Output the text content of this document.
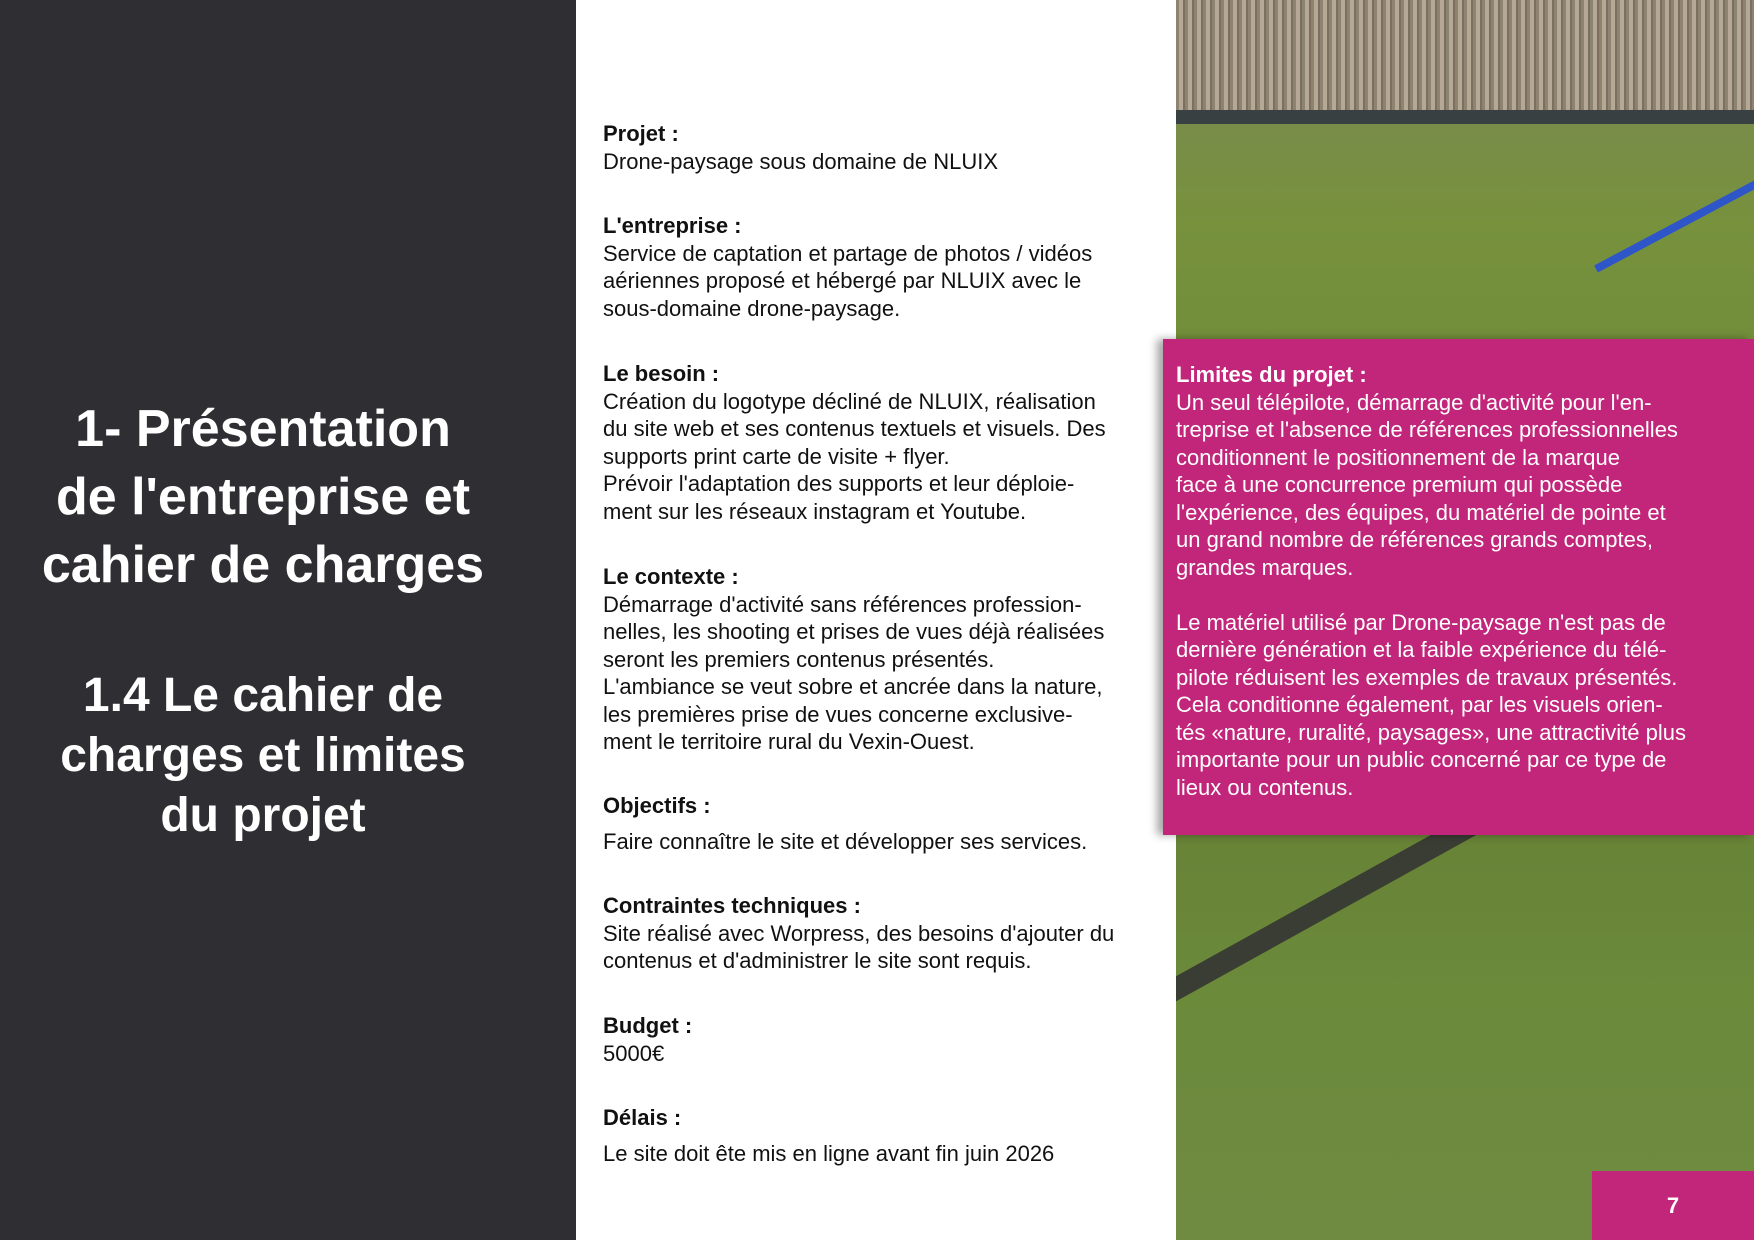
1- Présentation
de l'entreprise et
cahier de charges
1.4 Le cahier de
charges et limites
du projet

Projet :

Drone-paysage sous domaine de NLUIX

L'entreprise :

Service de captation et partage de photos / vidéos
aériennes proposé et hébergé par NLUIX avec le
sous-domaine drone-paysage.

Le besoin :

Création du logotype décliné de NLUIX, réalisation
du site web et ses contenus textuels et visuels. Des
supports print carte de visite + flyer.
Prévoir l'adaptation des supports et leur déploie-
ment sur les réseaux instagram et Youtube.

Le contexte :

Démarrage d'activité sans références profession-
nelles, les shooting et prises de vues déjà réalisées
seront les premiers contenus présentés.
L'ambiance se veut sobre et ancrée dans la nature,
les premières prise de vues concerne exclusive-
ment le territoire rural du Vexin-Ouest.

Objectifs :

Faire connaître le site et développer ses services.

Contraintes techniques :

Site réalisé avec Worpress, des besoins d'ajouter du
contenus et d'administrer le site sont requis.

Budget :

5000€

Délais :

Le site doit ête mis en ligne avant fin juin 2026

Limites du projet :

Un seul télépilote, démarrage d'activité pour l'en-
treprise et l'absence de références professionnelles
conditionnent le positionnement de la marque
face à une concurrence premium qui possède
l'expérience, des équipes, du matériel de pointe et
un grand nombre de références grands comptes,
grandes marques.

Le matériel utilisé par Drone-paysage n'est pas de
dernière génération et la faible expérience du télé-
pilote réduisent les exemples de travaux présentés.
Cela conditionne également, par les visuels orien-
tés «nature, ruralité, paysages», une attractivité plus
importante pour un public concerné par ce type de
lieux ou contenus.

7
